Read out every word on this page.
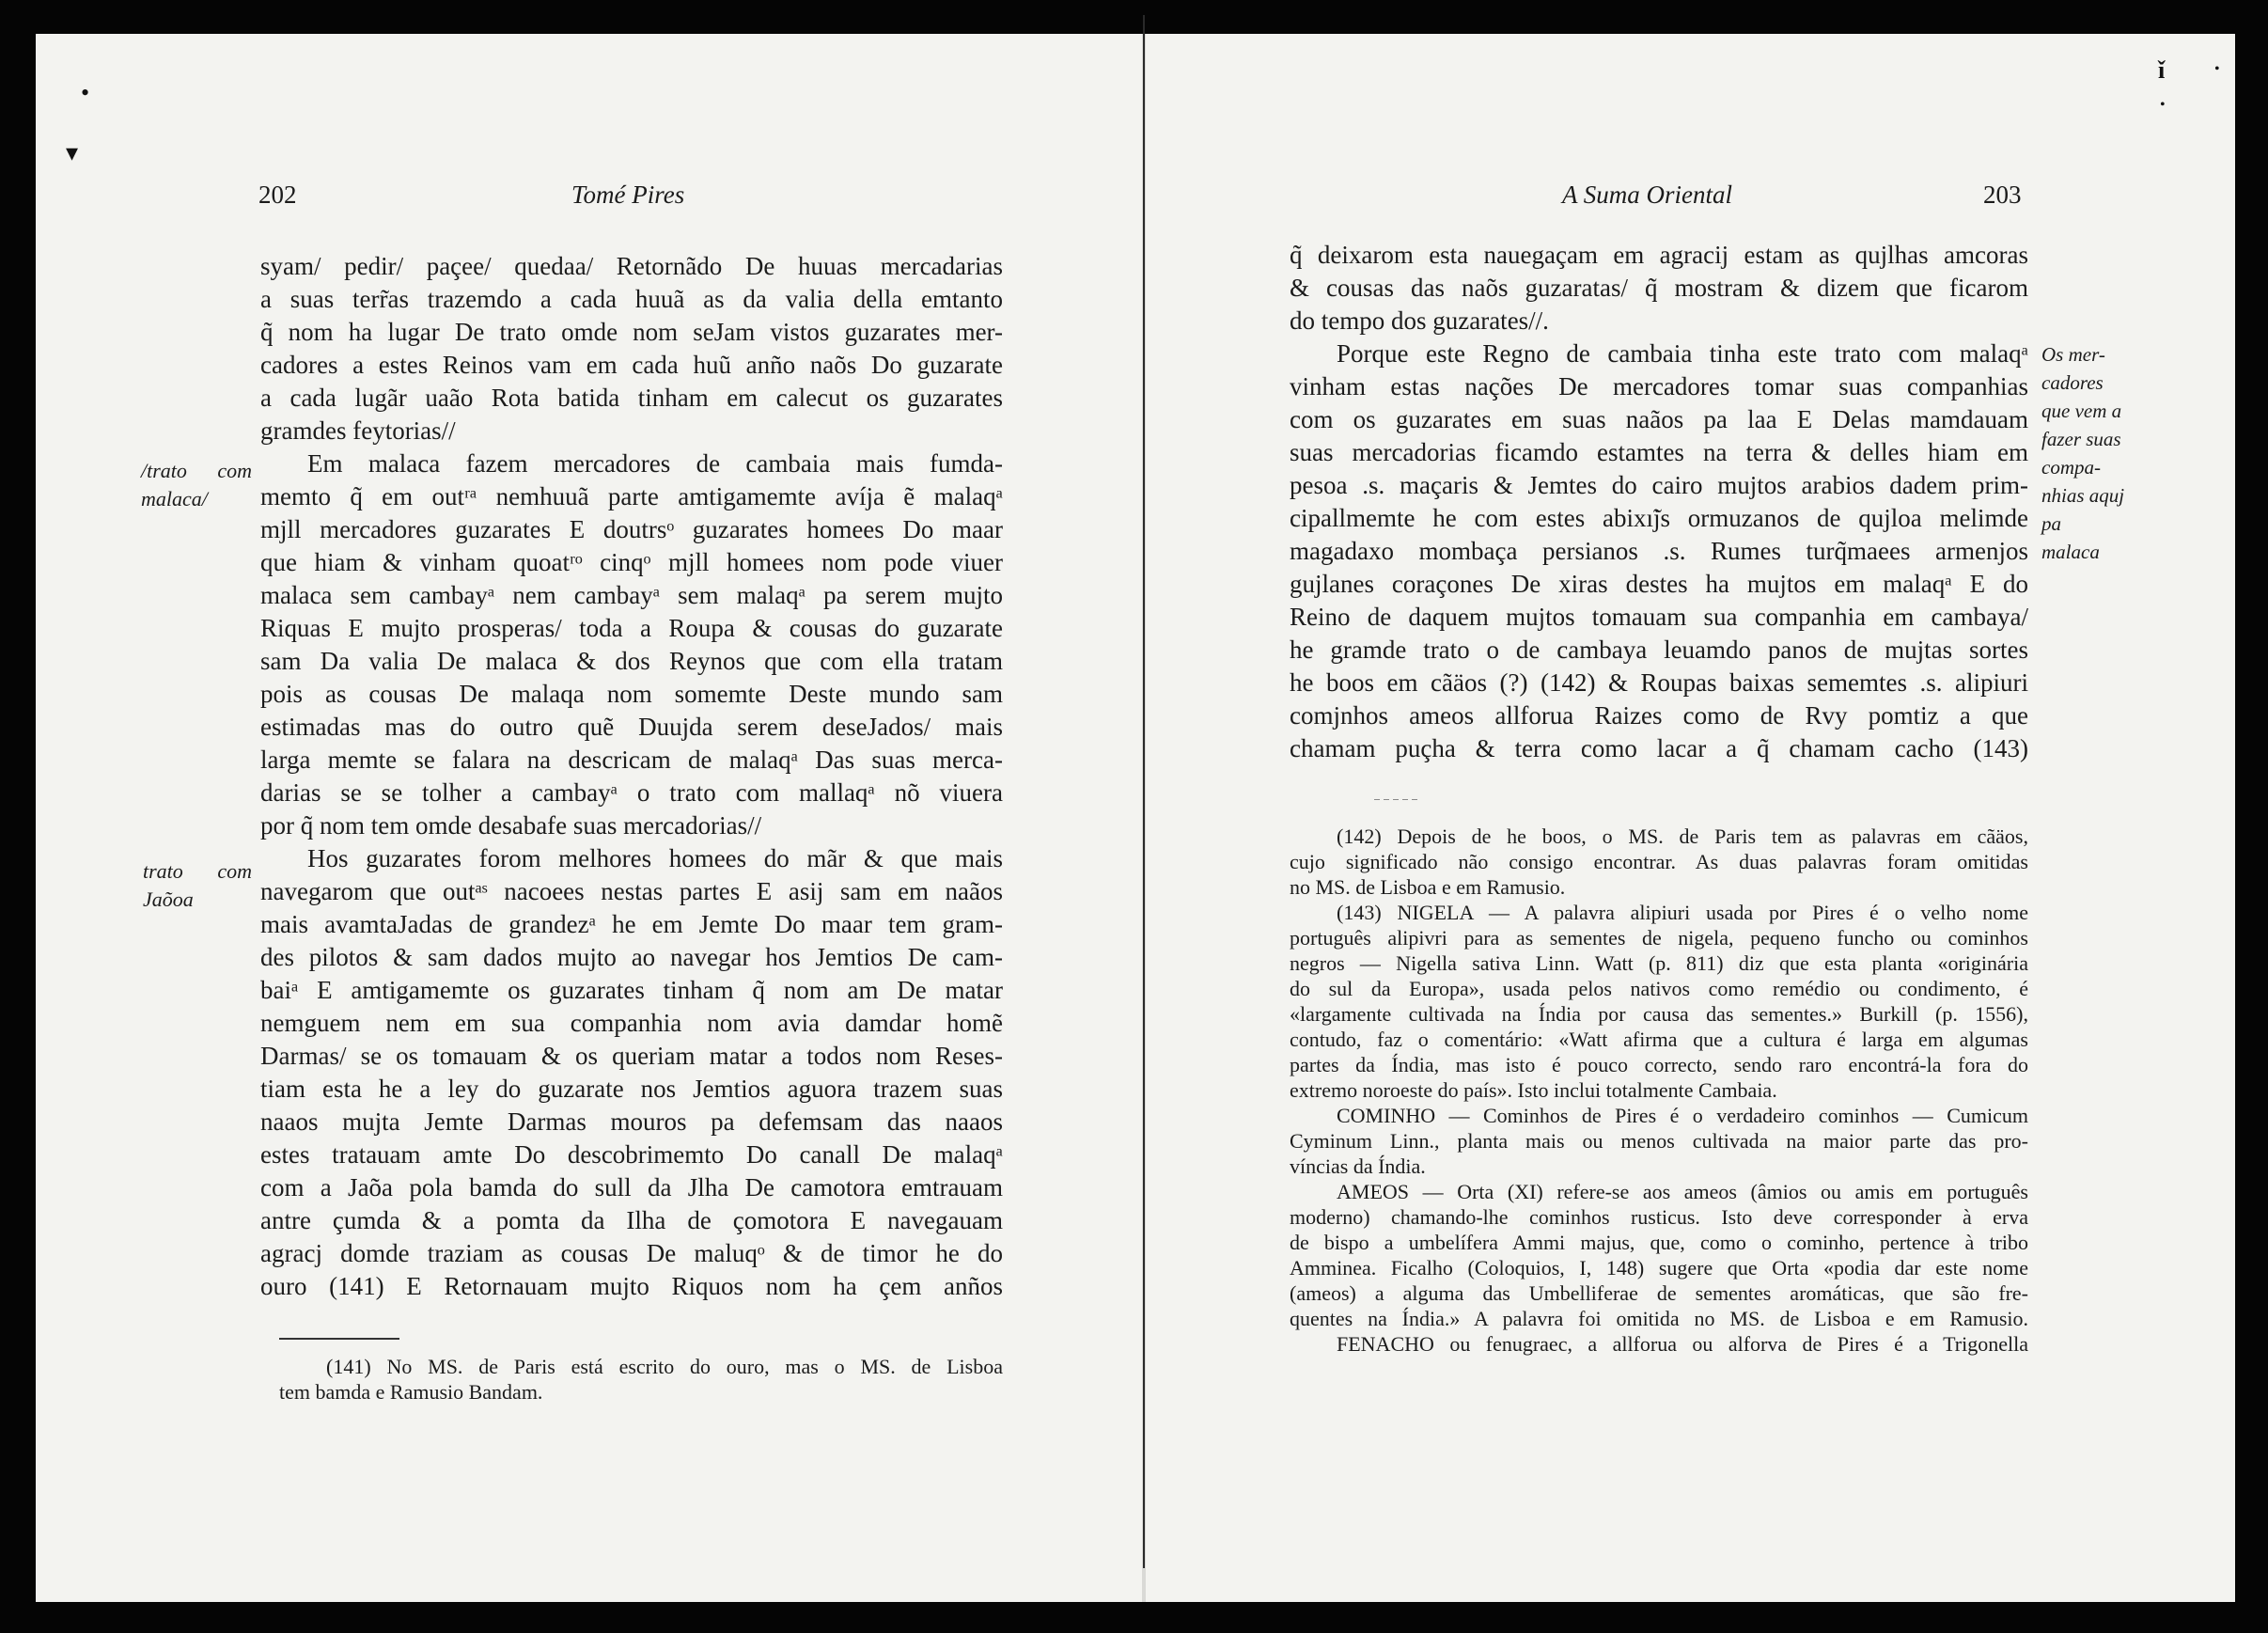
•
▾
ǐ	•
•
202	Tomé Pires
syam/ pedir/ paçee/ quedaa/ Retornãdo De huuas mercadarias
a suas terr̃as trazemdo a cada huuã as da valia della emtanto
q̃ nom ha lugar De trato omde nom seJam vistos guzarates mer-
cadores a estes Reinos vam em cada huũ anño naõs Do guzarate
a cada lugãr uaão Rota batida tinham em calecut os guzarates
gramdes feytorias//
Em malaca fazem mercadores de cambaia mais fumda-
memto q̃ em outʳᵃ nemhuuã parte amtigamemte avíja ẽ malaqᵃ
mjll mercadores guzarates E doutrsᵒ guzarates homees Do maar
que hiam & vinham quoatʳᵒ cinqᵒ mjll homees nom pode viuer
malaca sem cambayᵃ nem cambayᵃ sem malaqᵃ pa serem mujto
Riquas E mujto prosperas/ toda a Roupa & cousas do guzarate
sam Da valia De malaca & dos Reynos que com ella tratam
pois as cousas De malaqa nom somemte Deste mundo sam
estimadas mas do outro quẽ Duujda serem deseJados/ mais
larga memte se falara na descricam de malaqᵃ Das suas merca-
darias se se tolher a cambayᵃ o trato com mallaqᵃ nõ viuera
por q̃ nom tem omde desabafe suas mercadorias//
Hos guzarates forom melhores homees do mãr & que mais
navegarom que outᵃˢ nacoees nestas partes E asij sam em naãos
mais avamtaJadas de grandezᵃ he em Jemte Do maar tem gram-
des pilotos & sam dados mujto ao navegar hos Jemtios De cam-
baiᵃ E amtigamemte os guzarates tinham q̃ nom am De matar
nemguem nem em sua companhia nom avia damdar homẽ
Darmas/ se os tomauam & os queriam matar a todos nom Reses-
tiam esta he a ley do guzarate nos Jemtios aguora trazem suas
naaos mujta Jemte Darmas mouros pa defemsam das naaos
estes tratauam amte Do descobrimemto Do canall De malaqᵃ
com a Jaõa pola bamda do sull da Jlha De camotora emtrauam
antre çumda & a pomta da Ilha de çomotora E navegauam
agracj domde traziam as cousas De maluqᵒ & de timor he do
ouro (141) E Retornauam mujto Riquos nom ha çem anños
/trato com
malaca/
trato com
Jaõoa
(141) No MS. de Paris está escrito do ouro, mas o MS. de Lisboa
tem bamda e Ramusio Bandam.
A Suma Oriental	203
q̃ deixarom esta nauegaçam em agracij estam as qujlhas amcoras
& cousas das naõs guzaratas/ q̃ mostram & dizem que ficarom
do tempo dos guzarates//.
Porque este Regno de cambaia tinha este trato com malaqᵃ
vinham estas nações De mercadores tomar suas companhias
com os guzarates em suas naãos pa laa E Delas mamdauam
suas mercadorias ficamdo estamtes na terra & delles hiam em
pesoa .s. maçaris & Jemtes do cairo mujtos arabios dadem prim-
cipallmemte he com estes abixı̃js ormuzanos de qujloa melimde
magadaxo mombaça persianos .s. Rumes turq̃maees armenjos
gujlanes coraçones De xiras destes ha mujtos em malaqᵃ E do
Reino de daquem mujtos tomauam sua companhia em cambaya/
he gramde trato o de cambaya leuamdo panos de mujtas sortes
he boos em cãäos (?) (142) & Roupas baixas sememtes .s. alipiuri
comjnhos ameos allforua Raizes como de Rvy pomtiz a que
chamam puçha & terra como lacar a q̃ chamam cacho (143)
Os mer-
cadores
que vem a
fazer suas
compa-
nhias aquj
pa
malaca
(142) Depois de he boos, o MS. de Paris tem as palavras em cãäos,
cujo significado não consigo encontrar. As duas palavras foram omitidas
no MS. de Lisboa e em Ramusio.
(143) NIGELA — A palavra alipiuri usada por Pires é o velho nome
português alipivri para as sementes de nigela, pequeno funcho ou cominhos
negros — Nigella sativa Linn. Watt (p. 811) diz que esta planta «originária
do sul da Europa», usada pelos nativos como remédio ou condimento, é
«largamente cultivada na Índia por causa das sementes.» Burkill (p. 1556),
contudo, faz o comentário: «Watt afirma que a cultura é larga em algumas
partes da Índia, mas isto é pouco correcto, sendo raro encontrá-la fora do
extremo noroeste do país». Isto inclui totalmente Cambaia.
COMINHO — Cominhos de Pires é o verdadeiro cominhos — Cumicum
Cyminum Linn., planta mais ou menos cultivada na maior parte das pro-
víncias da Índia.
AMEOS — Orta (XI) refere-se aos ameos (âmios ou amis em português
moderno) chamando-lhe cominhos rusticus. Isto deve corresponder à erva
de bispo a umbelífera Ammi majus, que, como o cominho, pertence à tribo
Amminea. Ficalho (Coloquios, I, 148) sugere que Orta «podia dar este nome
(ameos) a alguma das Umbelliferae de sementes aromáticas, que são fre-
quentes na Índia.» A palavra foi omitida no MS. de Lisboa e em Ramusio.
FENACHO ou fenugraec, a allforua ou alforva de Pires é a Trigonella
